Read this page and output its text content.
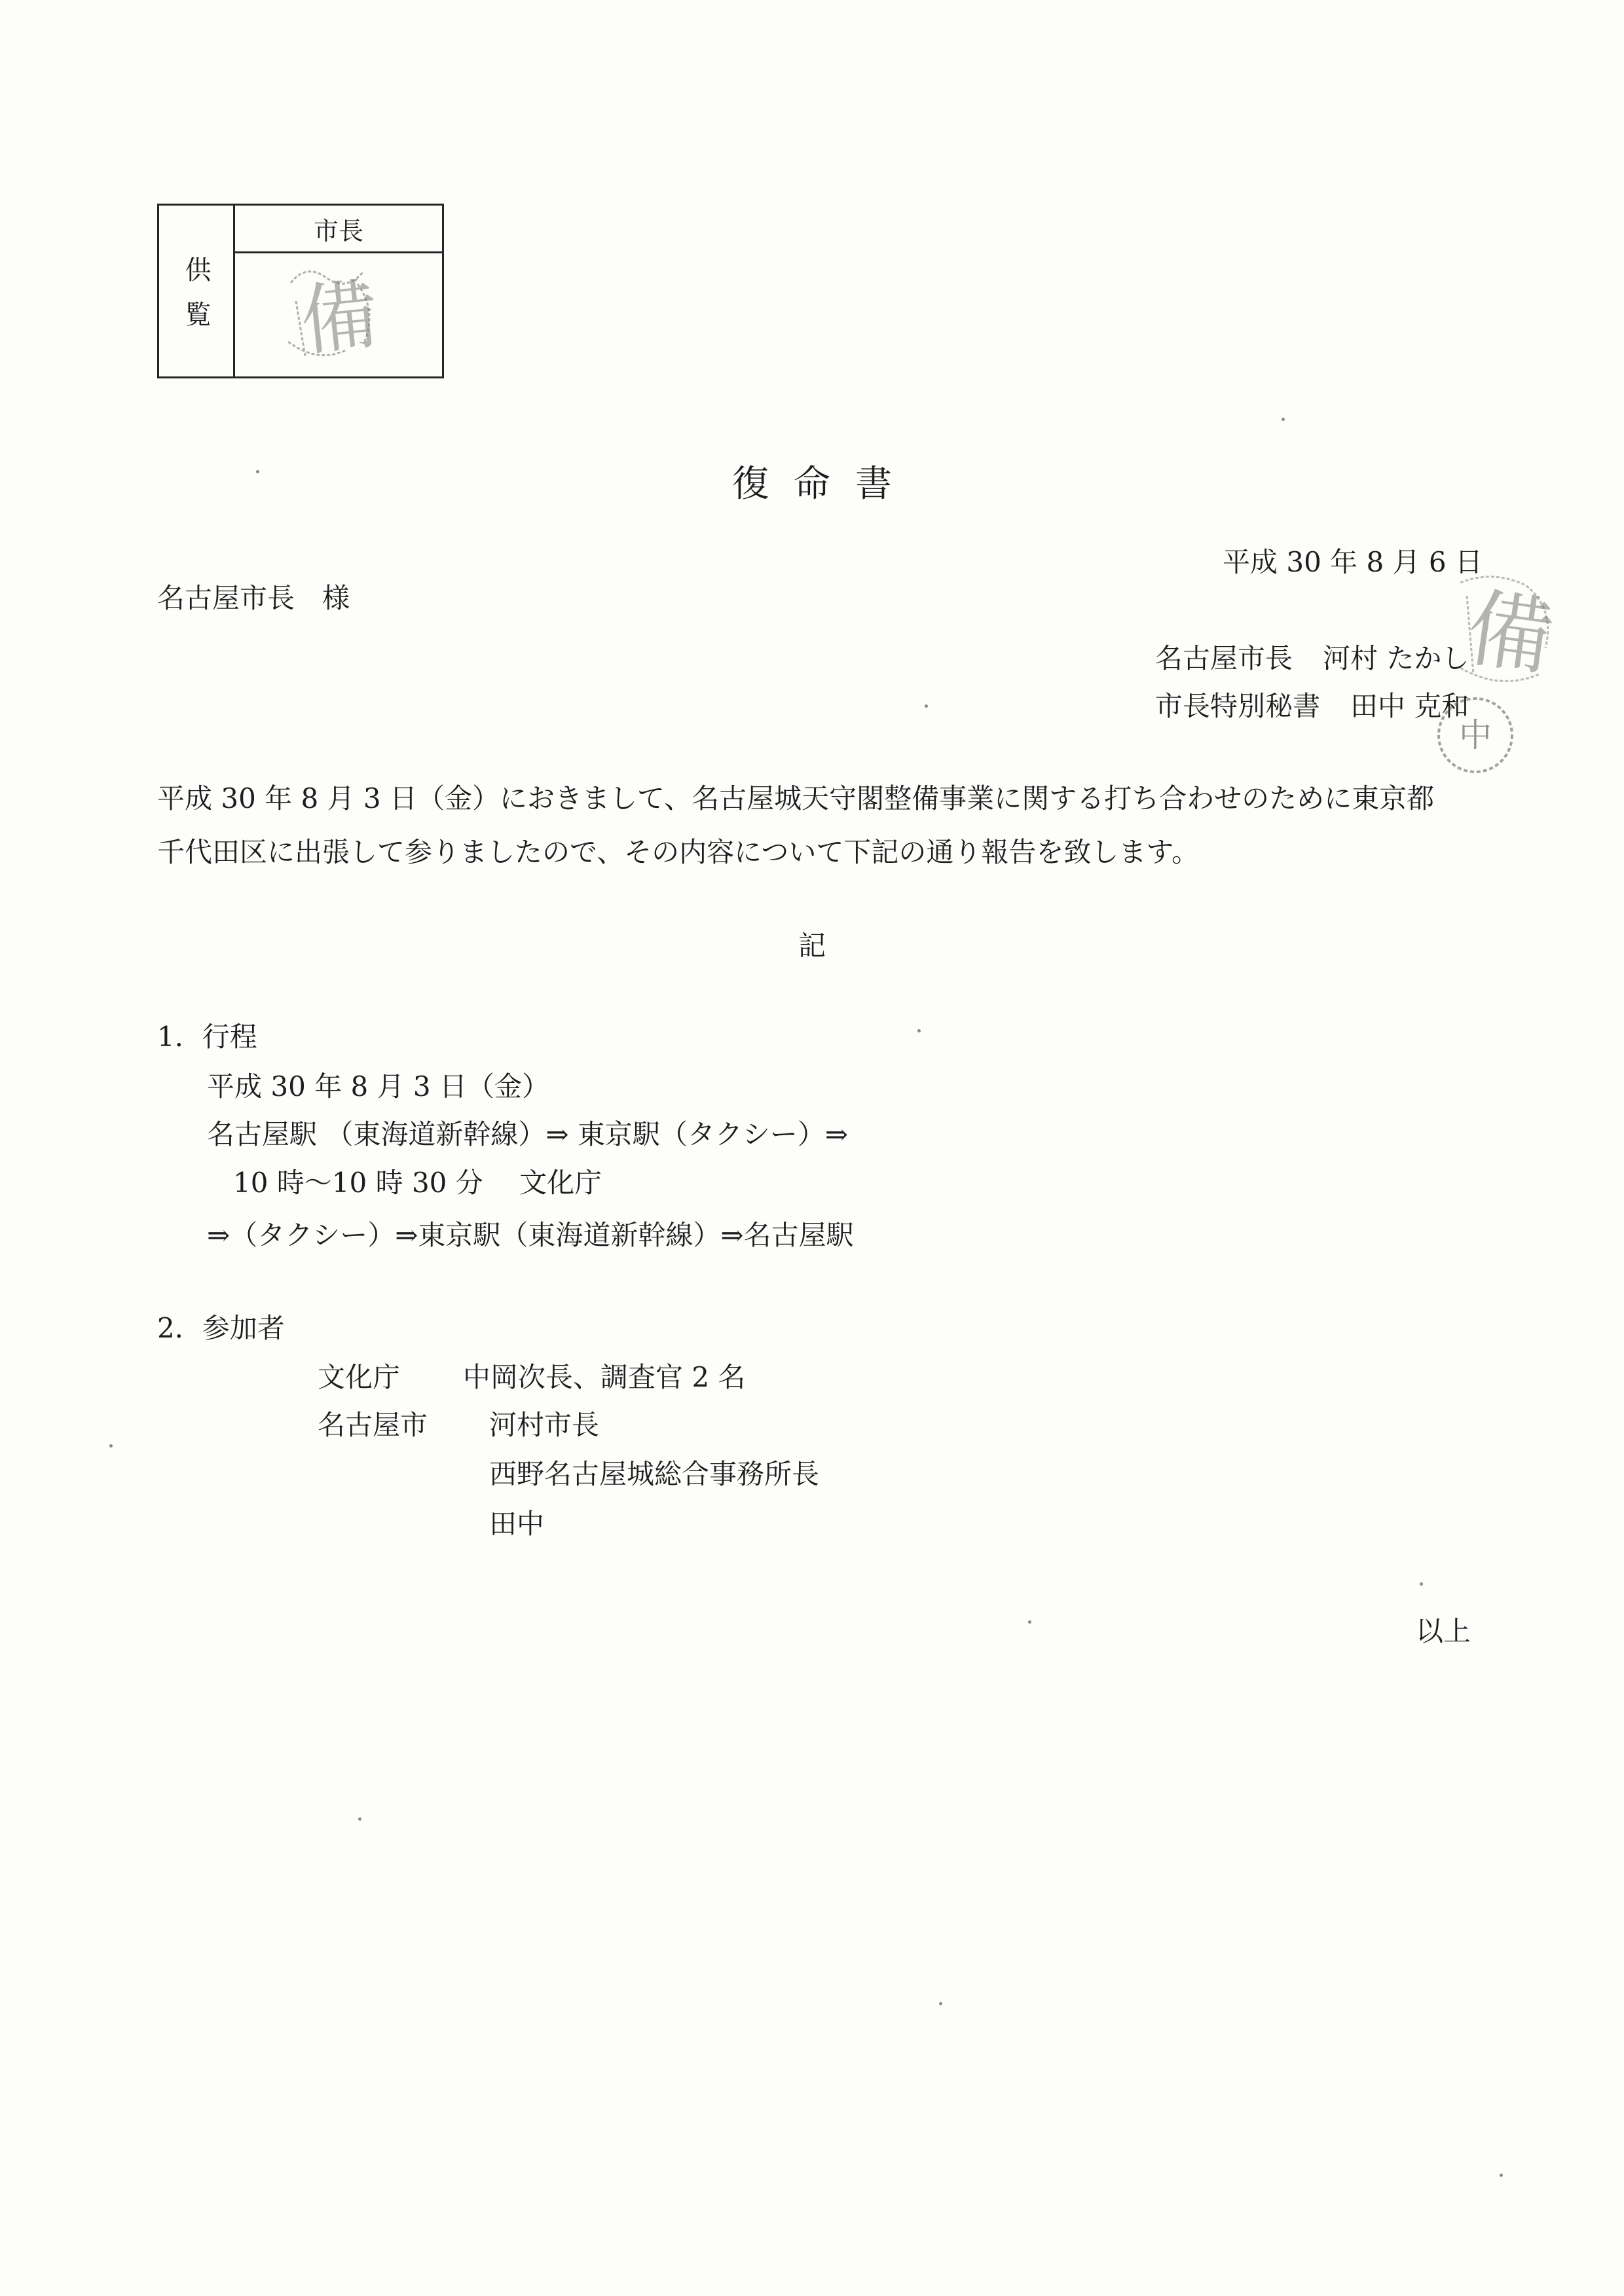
供覧
市長
備
復命書
平成 30 年 8 月 6 日
名古屋市長　様
名古屋市長 河村 たかし
市長特別秘書 田中 克和
備
中
平成 30 年 8 月 3 日（金）におきまして、名古屋城天守閣整備事業に関する打ち合わせのために東京都
千代田区に出張して参りましたので、その内容について下記の通り報告を致します。
記
1．行程
平成 30 年 8 月 3 日（金）
名古屋駅 （東海道新幹線）⇒ 東京駅（タクシー）⇒
10 時～10 時 30 分　 文化庁
⇒（タクシー）⇒東京駅（東海道新幹線）⇒名古屋駅
2．参加者
文化庁 中岡次長、調査官 2 名
名古屋市 河村市長
西野名古屋城総合事務所長
田中
以上
